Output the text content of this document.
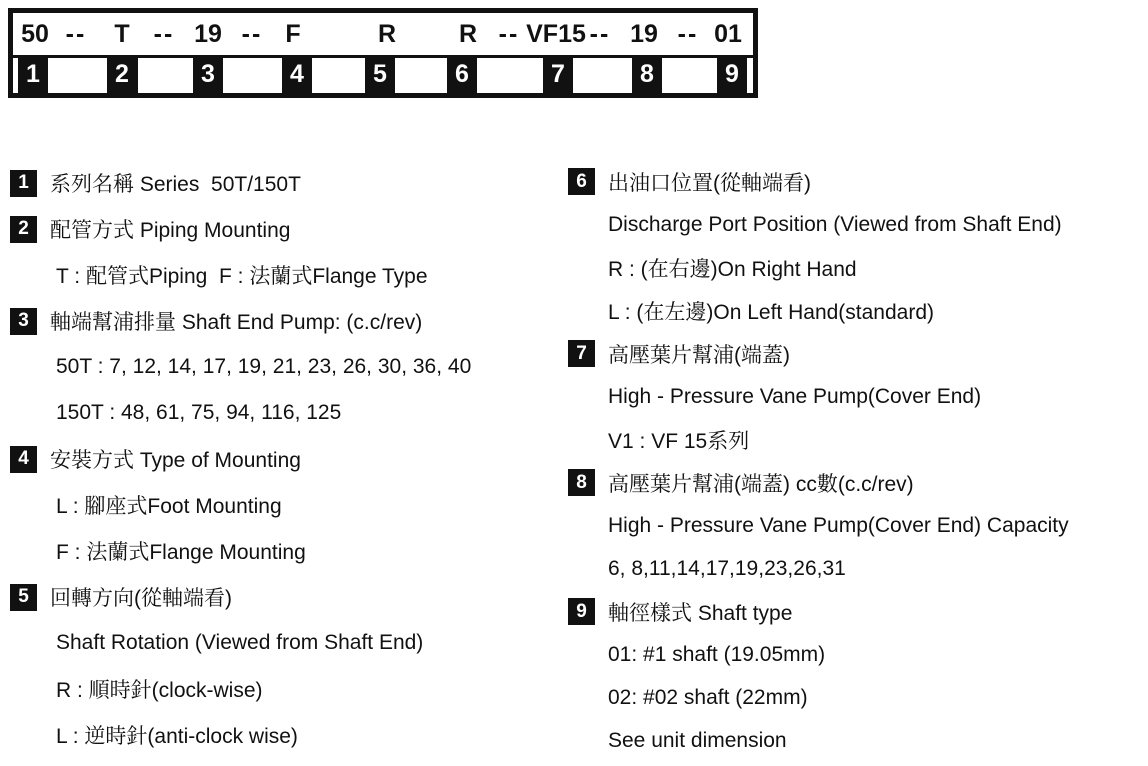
50 -- T -- 19 -- F	R	R -- VF15 -- 19 -- 01
1	2	3	4	5	6	7	8	9
1	系列名稱 Series  50T/150T
2	配管方式 Piping Mounting
T : 配管式Piping  F : 法蘭式Flange Type
3	軸端幫浦排量 Shaft End Pump: (c.c/rev)
50T : 7, 12, 14, 17, 19, 21, 23, 26, 30, 36, 40
150T : 48, 61, 75, 94, 116, 125
4	安裝方式 Type of Mounting
L : 腳座式Foot Mounting
F : 法蘭式Flange Mounting
5	回轉方向(從軸端看)
Shaft Rotation (Viewed from Shaft End)
R : 順時針(clock-wise)
L : 逆時針(anti-clock wise)
6	出油口位置(從軸端看)
Discharge Port Position (Viewed from Shaft End)
R : (在右邊)On Right Hand
L : (在左邊)On Left Hand(standard)
7	高壓葉片幫浦(端蓋)
High - Pressure Vane Pump(Cover End)
V1 : VF 15系列
8	高壓葉片幫浦(端蓋) cc數(c.c/rev)
High - Pressure Vane Pump(Cover End) Capacity
6, 8,11,14,17,19,23,26,31
9	軸徑樣式 Shaft type
01: #1 shaft (19.05mm)
02: #02 shaft (22mm)
See unit dimension
